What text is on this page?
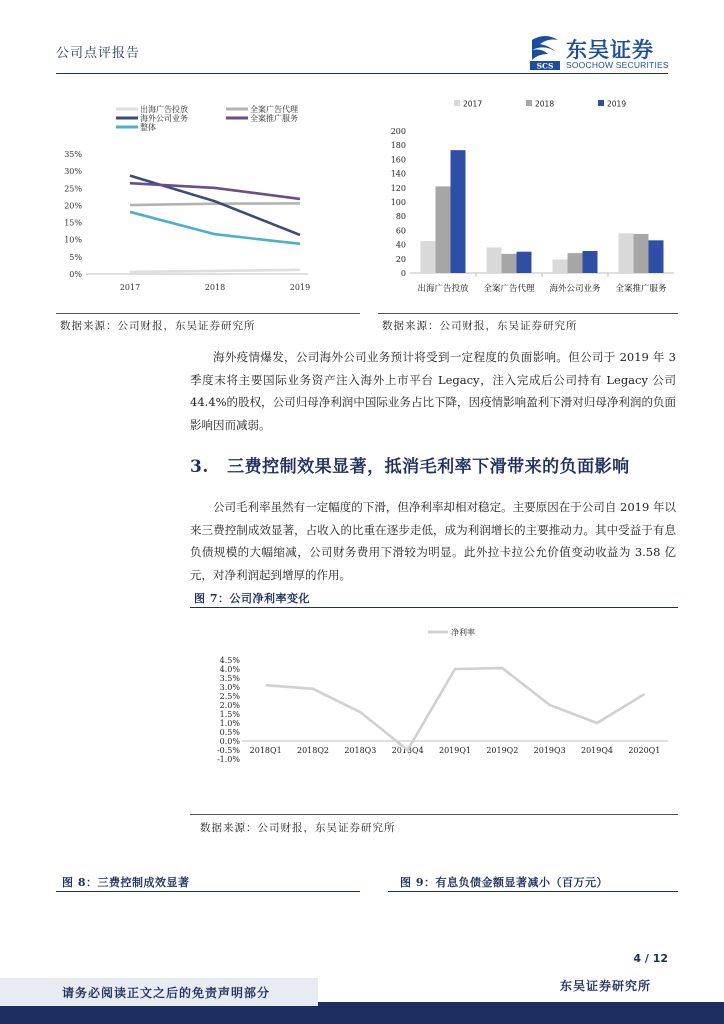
公司点评报告
SCS
东吴证券
SOOCHOW SECURITIES
0%
5%
10%
15%
20%
25%
30%
35%
2017	2018	2019
出海广告投放	全案广告代理
海外公司业务	全案推广服务
整体
0
20
40
60
80
100
120
140
160
180
200
出海广告投放 全案广告代理 海外公司业务 全案推广服务
2017	2018	2019
数据来源：公司财报，东吴证券研究所	数据来源：公司财报，东吴证券研究所

海外疫情爆发，公司海外公司业务预计将受到一定程度的负面影响。但公司于 2019 年 3 季度末将主要国际业务资产注入海外上市平台 Legacy，注入完成后公司持有 Legacy 公司 44.4%的股权，公司归母净利润中国际业务占比下降，因疫情影响盈利下滑对归母净利润的负面影响因而减弱。

3. 三费控制效果显著，抵消毛利率下滑带来的负面影响

公司毛利率虽然有一定幅度的下滑，但净利率却相对稳定。主要原因在于公司自 2019 年以来三费控制成效显著，占收入的比重在逐步走低，成为利润增长的主要推动力。其中受益于有息负债规模的大幅缩减，公司财务费用下滑较为明显。此外拉卡拉公允价值变动收益为 3.58 亿元，对净利润起到增厚的作用。

图 7：公司净利率变化
-1.0%
-0.5%
0.0%
0.5%
1.0%
1.5%
2.0%
2.5%
3.0%
3.5%
4.0%
4.5%
2018Q1 2018Q2 2018Q3 2018Q4 2019Q1 2019Q2 2019Q3 2019Q4 2020Q1
净利率
数据来源：公司财报，东吴证券研究所
图 8：三费控制成效显著	图 9：有息负债金额显著减小（百万元）
4 / 12
请务必阅读正文之后的免责声明部分	东吴证券研究所
